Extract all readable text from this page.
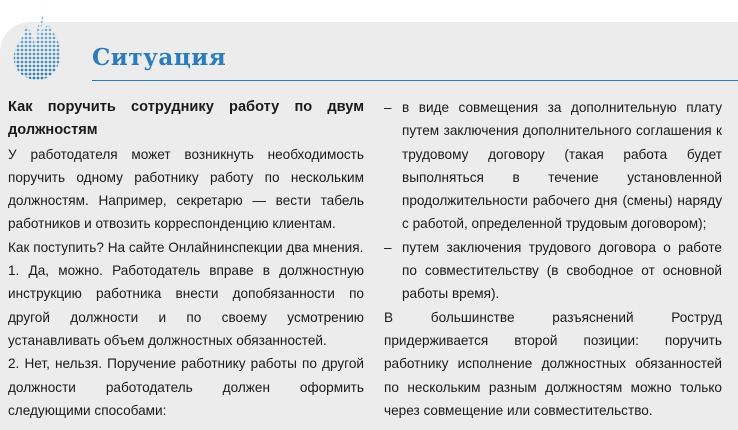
Ситуация

Как поручить сотруднику работу по двум должностям

У работодателя может возникнуть необходимость поручить одному работнику работу по нескольким должностям. Например, секретарю — вести табель работников и отвозить корреспонденцию клиентам.

Как поступить? На сайте Онлайнинспекции два мнения.

1. Да, можно. Работодатель вправе в должностную инструкцию работника внести допобязанности по другой должности и по своему усмотрению устанавливать объем должностных обязанностей.

2. Нет, нельзя. Поручение работнику работы по другой должности работодатель должен оформить следующими способами:

– в виде совмещения за дополнительную плату путем заключения дополнительного соглашения к трудовому договору (такая работа будет выполняться в течение установленной продолжительности рабочего дня (смены) наряду с работой, определенной трудовым договором);

– путем заключения трудового договора о работе по совместительству (в свободное от основной работы время).

В большинстве разъяснений Роструд придерживается второй позиции: поручить работнику исполнение должностных обязанностей по нескольким разным должностям можно только через совмещение или совместительство.
